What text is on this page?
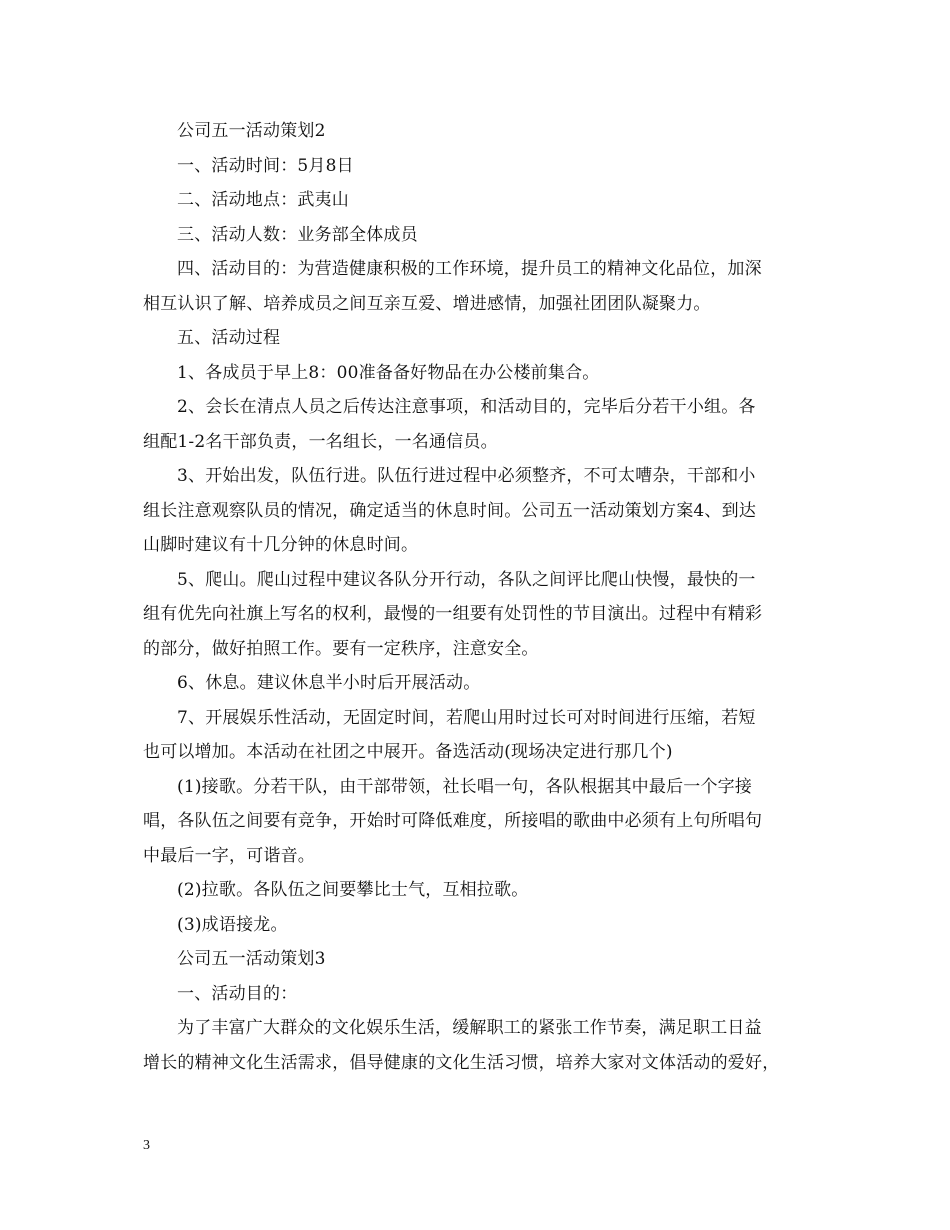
公司五一活动策划2
一、活动时间：5月8日
二、活动地点：武夷山
三、活动人数：业务部全体成员
四、活动目的：为营造健康积极的工作环境，提升员工的精神文化品位，加深
相互认识了解、培养成员之间互亲互爱、增进感情，加强社团团队凝聚力。
五、活动过程
1、各成员于早上8：00准备备好物品在办公楼前集合。
2、会长在清点人员之后传达注意事项，和活动目的，完毕后分若干小组。各
组配1-2名干部负责，一名组长，一名通信员。
3、开始出发，队伍行进。队伍行进过程中必须整齐，不可太嘈杂，干部和小
组长注意观察队员的情况，确定适当的休息时间。公司五一活动策划方案4、到达
山脚时建议有十几分钟的休息时间。
5、爬山。爬山过程中建议各队分开行动，各队之间评比爬山快慢，最快的一
组有优先向社旗上写名的权利，最慢的一组要有处罚性的节目演出。过程中有精彩
的部分，做好拍照工作。要有一定秩序，注意安全。
6、休息。建议休息半小时后开展活动。
7、开展娱乐性活动，无固定时间，若爬山用时过长可对时间进行压缩，若短
也可以增加。本活动在社团之中展开。备选活动(现场决定进行那几个)
(1)接歌。分若干队，由干部带领，社长唱一句，各队根据其中最后一个字接
唱，各队伍之间要有竞争，开始时可降低难度，所接唱的歌曲中必须有上句所唱句
中最后一字，可谐音。
(2)拉歌。各队伍之间要攀比士气，互相拉歌。
(3)成语接龙。
公司五一活动策划3
一、活动目的：
为了丰富广大群众的文化娱乐生活，缓解职工的紧张工作节奏，满足职工日益
增长的精神文化生活需求，倡导健康的文化生活习惯，培养大家对文体活动的爱好，
3
